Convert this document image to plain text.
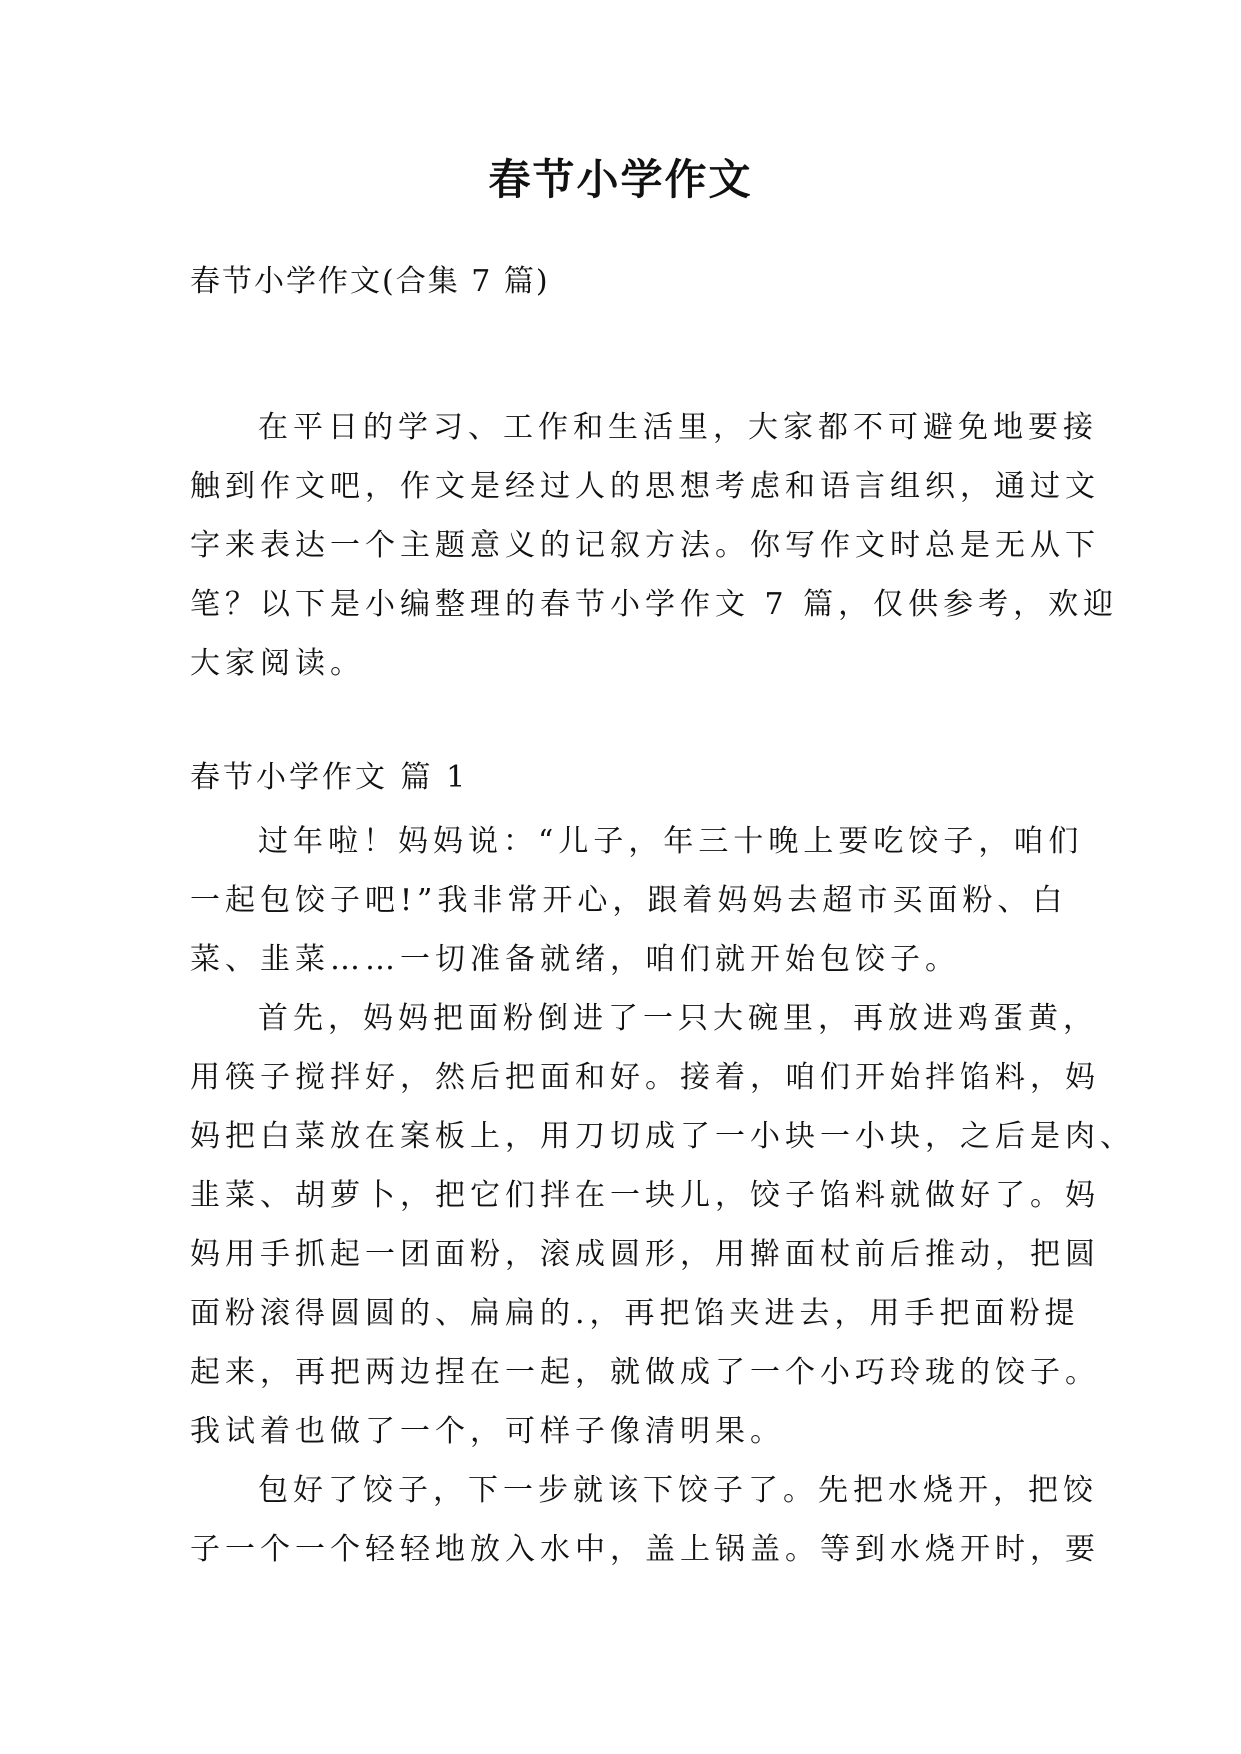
春节小学作文
春节小学作文(合集 7 篇)
在平日的学习、工作和生活里，大家都不可避免地要接
触到作文吧，作文是经过人的思想考虑和语言组织，通过文
字来表达一个主题意义的记叙方法。你写作文时总是无从下
笔？以下是小编整理的春节小学作文 7 篇，仅供参考，欢迎
大家阅读。
春节小学作文 篇 1
过年啦！妈妈说：“儿子，年三十晚上要吃饺子，咱们
一起包饺子吧!”我非常开心，跟着妈妈去超市买面粉、白
菜、韭菜……一切准备就绪，咱们就开始包饺子。
首先，妈妈把面粉倒进了一只大碗里，再放进鸡蛋黄，
用筷子搅拌好，然后把面和好。接着，咱们开始拌馅料，妈
妈把白菜放在案板上，用刀切成了一小块一小块，之后是肉、
韭菜、胡萝卜，把它们拌在一块儿，饺子馅料就做好了。妈
妈用手抓起一团面粉，滚成圆形，用擀面杖前后推动，把圆
面粉滚得圆圆的、扁扁的.，再把馅夹进去，用手把面粉提
起来，再把两边捏在一起，就做成了一个小巧玲珑的饺子。
我试着也做了一个，可样子像清明果。
包好了饺子，下一步就该下饺子了。先把水烧开，把饺
子一个一个轻轻地放入水中，盖上锅盖。等到水烧开时，要
